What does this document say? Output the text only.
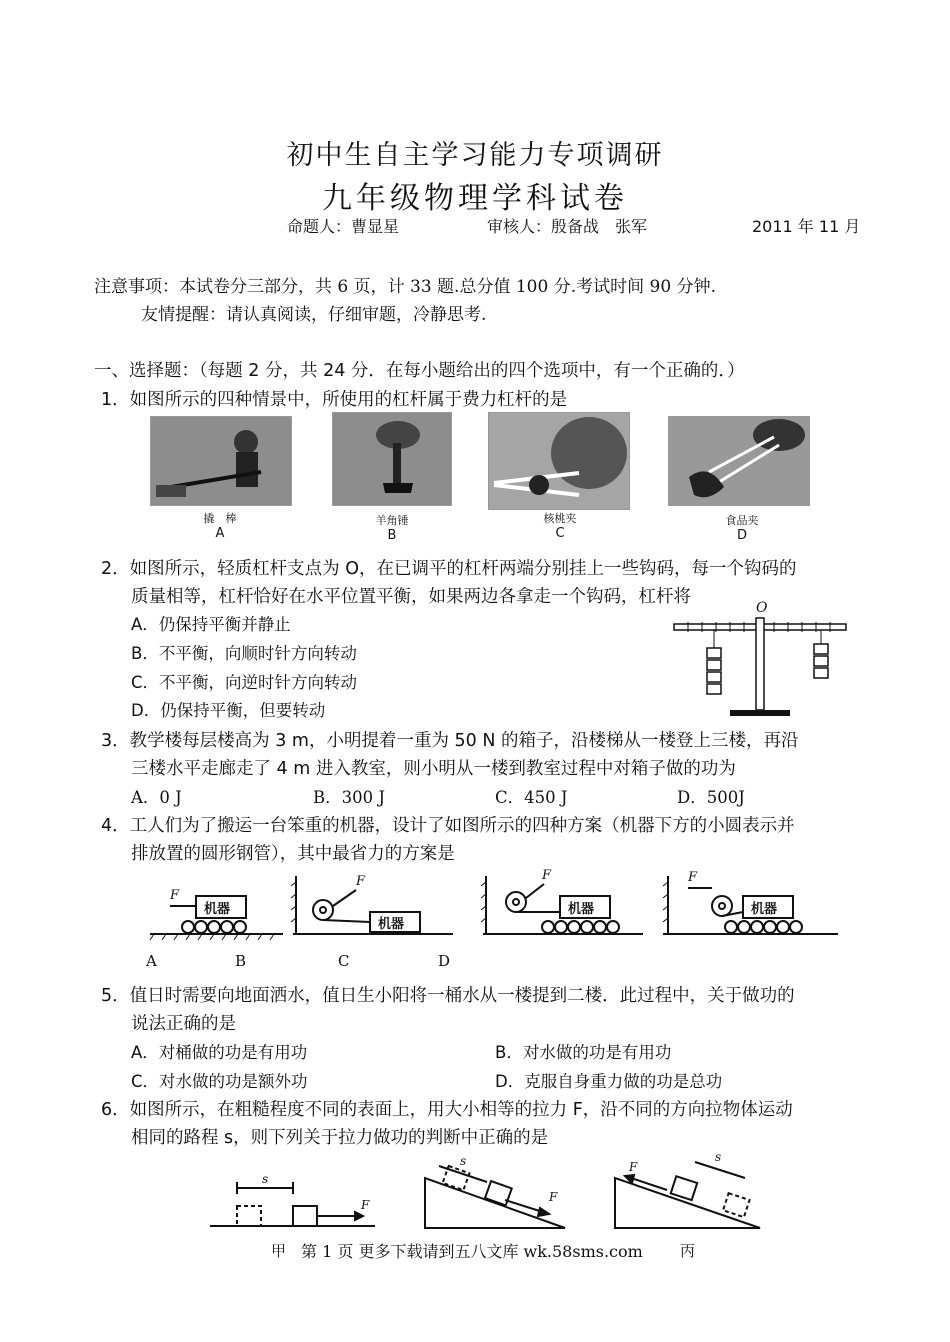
初中生自主学习能力专项调研
九年级物理学科试卷
命题人：曹显星	审核人：殷备战　张军	2011 年 11 月
注意事项：本试卷分三部分，共 6 页，计 33 题.总分值 100 分.考试时间 90 分钟.
友情提醒：请认真阅读，仔细审题，冷静思考.
一、选择题：（每题 2 分，共 24 分．在每小题给出的四个选项中，有一个正确的．）
1．如图所示的四种情景中，所使用的杠杆属于费力杠杆的是
撬　棒	羊角锤	核桃夹	食品夹
A	B	C	D
2．如图所示，轻质杠杆支点为 O，在已调平的杠杆两端分别挂上一些钩码，每一个钩码的
质量相等，杠杆恰好在水平位置平衡，如果两边各拿走一个钩码，杠杆将
A．仍保持平衡并静止
B．不平衡，向顺时针方向转动
C．不平衡，向逆时针方向转动
D．仍保持平衡，但要转动
O
3．教学楼每层楼高为 3 m，小明提着一重为 50 N 的箱子，沿楼梯从一楼登上三楼，再沿
三楼水平走廊走了 4 m 进入教室，则小明从一楼到教室过程中对箱子做的功为
A．0 J	B．300 J	C．450 J	D．500J
4．工人们为了搬运一台笨重的机器，设计了如图所示的四种方案（机器下方的小圆表示并
排放置的圆形钢管），其中最省力的方案是
机器
机器
机器	机器
F
F	F	F
A	B	C	D
5．值日时需要向地面洒水，值日生小阳将一桶水从一楼提到二楼．此过程中，关于做功的
说法正确的是
A．对桶做的功是有用功	B．对水做的功是有用功
C．对水做的功是额外功	D．克服自身重力做的功是总功
6．如图所示，在粗糙程度不同的表面上，用大小相等的拉力 F，沿不同的方向拉物体运动
相同的路程 s，则下列关于拉力做功的判断中正确的是
s
F
s
F
s
F
甲 第 1 页 更多下载请到五八文库 wk.58sms.com 丙
